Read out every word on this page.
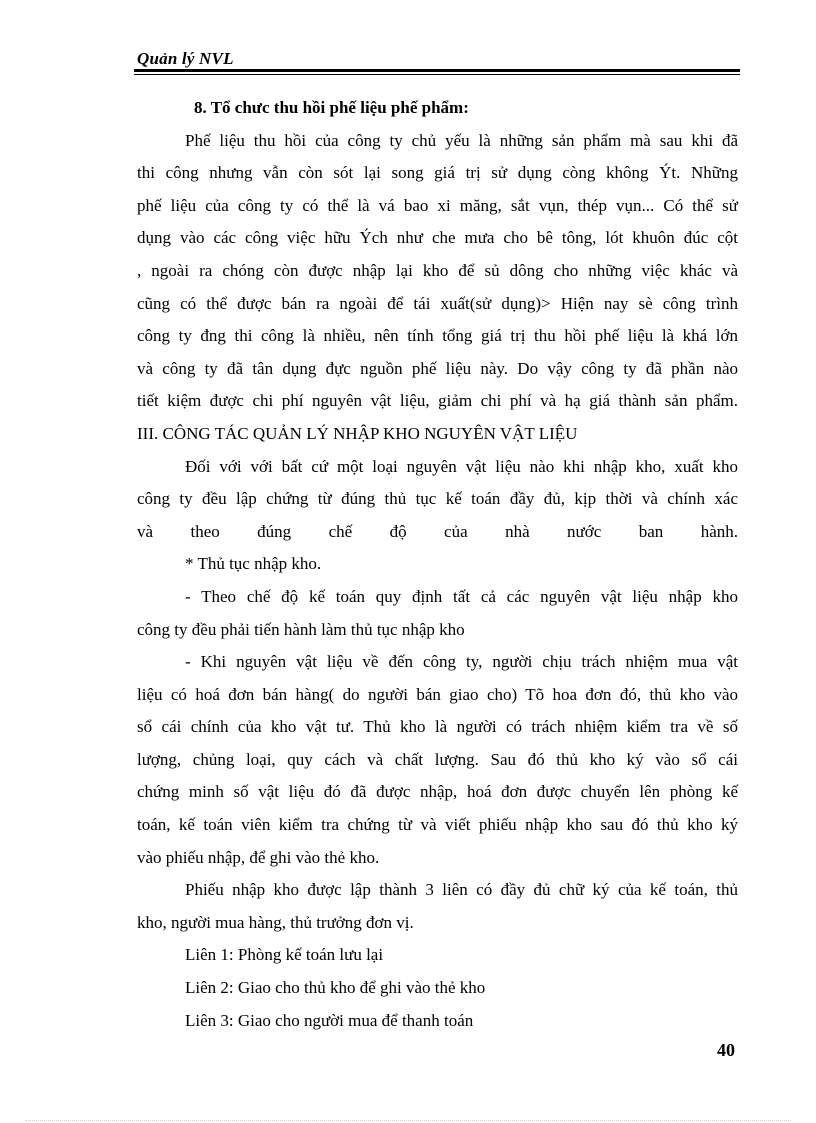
Quản lý NVL
8. Tổ chưc thu hồi phế liệu phế phẩm:
Phế liệu thu hồi của công ty chủ yếu là những sản phẩm mà sau khi đã
thi công nhưng vẫn còn sót lại song giá trị sử dụng còng không Ýt. Những
phế liệu của công ty có thể là vá bao xi măng, sắt vụn, thép vụn... Có thể sử
dụng vào các công việc hữu Ých như che mưa cho bê tông, lót khuôn đúc cột
, ngoài ra chóng còn được nhập lại kho để sủ dông cho những việc khác và
cũng có thể được bán ra ngoài để tái xuất(sử dụng)> Hiện nay sè công trình
công ty đng thi công là nhiều, nên tính tổng giá trị thu hồi phế liệu là khá lớn
và công ty đã tân dụng đực nguồn phế liệu này. Do vậy công ty đã phần nào
tiết kiệm được chi phí nguyên vật liệu, giảm chi phí và hạ giá thành sản phẩm.
III. CÔNG TÁC QUẢN LÝ NHẬP KHO NGUYÊN VẬT LIỆU
Đối với với bất cứ một loại nguyên vật liệu nào khi nhập kho, xuất kho
công ty đều lập chứng từ đúng thủ tục kế toán đầy đủ, kịp thời và chính xác
và theo đúng chế độ của nhà nước ban hành.
* Thủ tục nhập kho.
- Theo chế độ kế toán quy định tất cả các nguyên vật liệu nhập kho
công ty đều phải tiến hành làm thủ tục nhập kho
- Khi nguyên vật liệu về đến công ty, người chịu trách nhiệm mua vật
liệu có hoá đơn bán hàng( do người bán giao cho) Tõ hoa đơn đó, thủ kho vào
sổ cái chính của kho vật tư. Thủ kho là người có trách nhiệm kiểm tra về số
lượng, chủng loại, quy cách và chất lượng. Sau đó thủ kho ký vào sổ cái
chứng minh số vật liệu đó đã được nhập, hoá đơn được chuyển lên phòng kế
toán, kế toán viên kiểm tra chứng từ và viết phiếu nhập kho sau đó thủ kho ký
vào phiếu nhập, để ghi vào thẻ kho.
Phiếu nhập kho được lập thành 3 liên có đầy đủ chữ ký của kế toán, thủ
kho, người mua hàng, thủ trưởng đơn vị.
Liên 1: Phòng kế toán lưu lại
Liên 2: Giao cho thủ kho để ghi vào thẻ kho
Liên 3: Giao cho người mua để thanh toán
40
